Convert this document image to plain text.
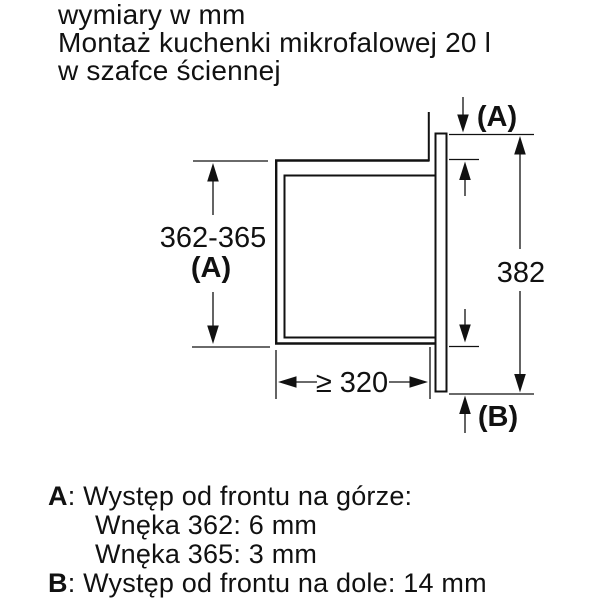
wymiary w mm
Montaż kuchenki mikrofalowej 20 l
w szafce ściennej
362-365
(A)
(A)
382
(B)
≥ 320
A: Występ od frontu na górze:
Wnęka 362: 6 mm
Wnęka 365: 3 mm
B: Występ od frontu na dole: 14 mm
